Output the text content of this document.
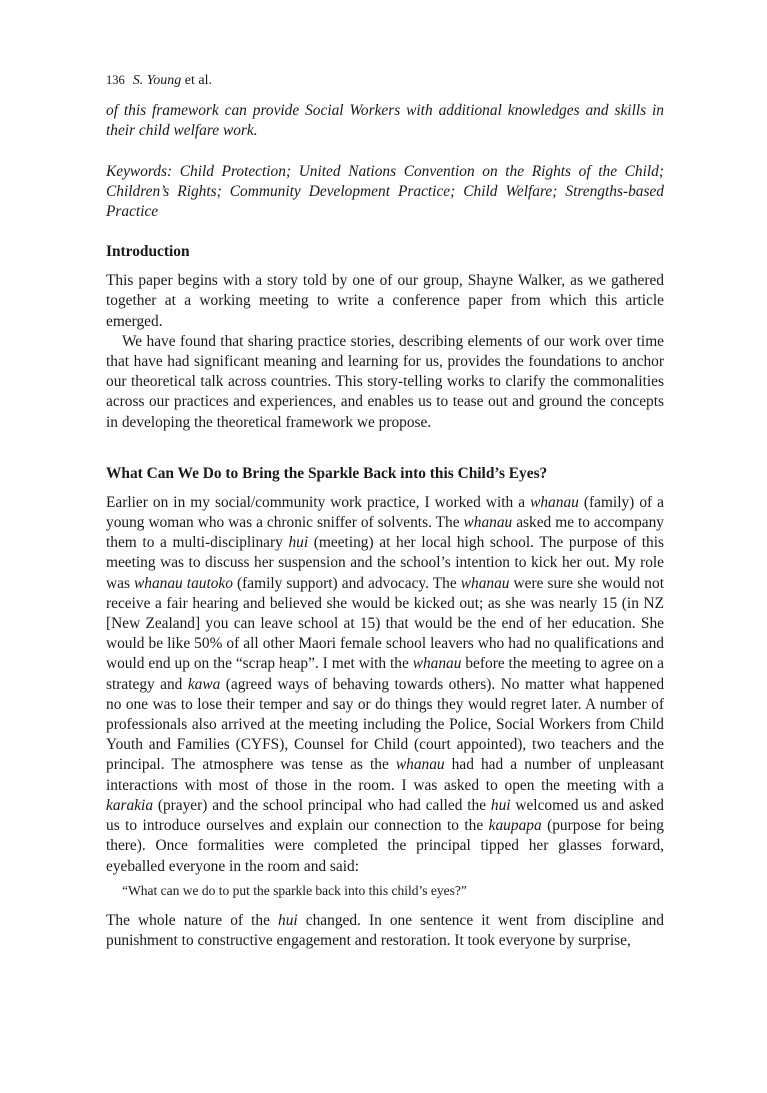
136 S. Young et al.

of this framework can provide Social Workers with additional knowledges and skills in their child welfare work.

Keywords: Child Protection; United Nations Convention on the Rights of the Child; Children’s Rights; Community Development Practice; Child Welfare; Strengths-based Practice

Introduction

This paper begins with a story told by one of our group, Shayne Walker, as we gathered together at a working meeting to write a conference paper from which this article emerged.

We have found that sharing practice stories, describing elements of our work over time that have had significant meaning and learning for us, provides the foundations to anchor our theoretical talk across countries. This story-telling works to clarify the commonalities across our practices and experiences, and enables us to tease out and ground the concepts in developing the theoretical framework we propose.

What Can We Do to Bring the Sparkle Back into this Child’s Eyes?

Earlier on in my social/community work practice, I worked with a whanau (family) of a young woman who was a chronic sniffer of solvents. The whanau asked me to accompany them to a multi-disciplinary hui (meeting) at her local high school. The purpose of this meeting was to discuss her suspension and the school’s intention to kick her out. My role was whanau tautoko (family support) and advocacy. The whanau were sure she would not receive a fair hearing and believed she would be kicked out; as she was nearly 15 (in NZ [New Zealand] you can leave school at 15) that would be the end of her education. She would be like 50% of all other Maori female school leavers who had no qualifications and would end up on the “scrap heap”. I met with the whanau before the meeting to agree on a strategy and kawa (agreed ways of behaving towards others). No matter what happened no one was to lose their temper and say or do things they would regret later. A number of professionals also arrived at the meeting including the Police, Social Workers from Child Youth and Families (CYFS), Counsel for Child (court appointed), two teachers and the principal. The atmosphere was tense as the whanau had had a number of unpleasant interactions with most of those in the room. I was asked to open the meeting with a karakia (prayer) and the school principal who had called the hui welcomed us and asked us to introduce ourselves and explain our connection to the kaupapa (purpose for being there). Once formalities were completed the principal tipped her glasses forward, eyeballed everyone in the room and said:

“What can we do to put the sparkle back into this child’s eyes?”

The whole nature of the hui changed. In one sentence it went from discipline and punishment to constructive engagement and restoration. It took everyone by surprise,
